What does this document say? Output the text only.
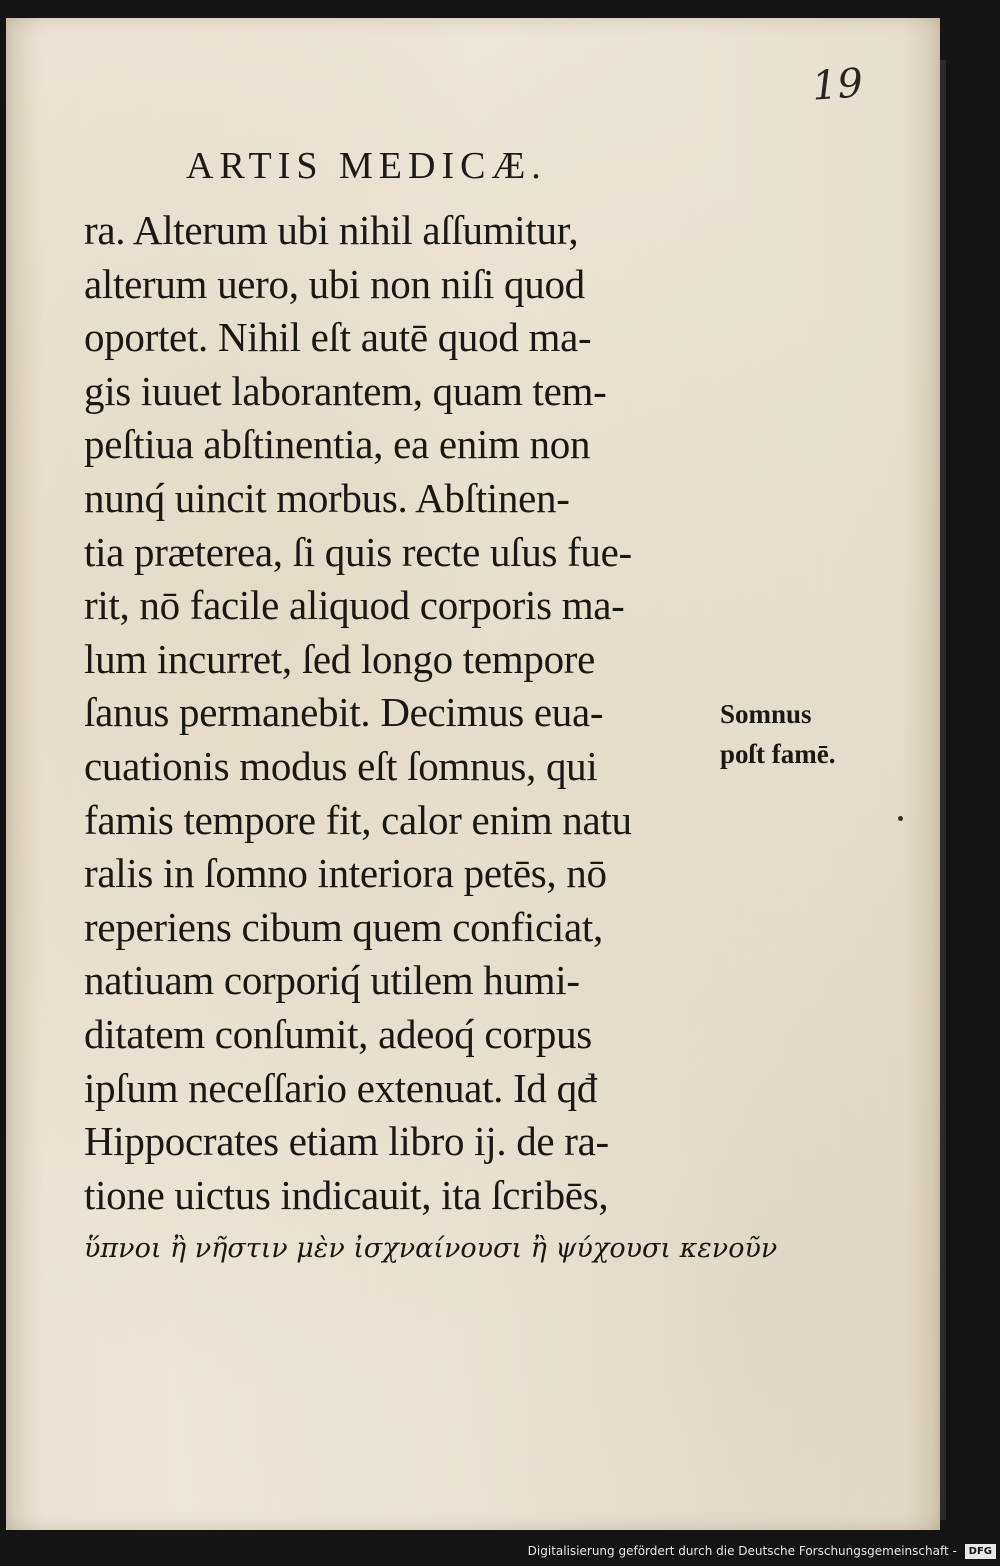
19
ARTIS MEDICÆ.
ra. Alterum ubi nihil aſſumitur,
alterum uero, ubi non niſi quod
oportet. Nihil eſt autē quod ma-
gis iuuet laborantem, quam tem-
peſtiua abſtinentia, ea enim non
nunq́ uincit morbus. Abſtinen-
tia præterea, ſi quis recte uſus fue-
rit, nō facile aliquod corporis ma-
lum incurret, ſed longo tempore
ſanus permanebit. Decimus eua-
cuationis modus eſt ſomnus, qui
famis tempore fit, calor enim natu
ralis in ſomno interiora petēs, nō
reperiens cibum quem conficiat,
natiuam corporiq́ utilem humi-
ditatem conſumit, adeoq́ corpus
ipſum neceſſario extenuat. Id qđ
Hippocrates etiam libro ij. de ra-
tione uictus indicauit, ita ſcribēs,
ὕπνοι ἢ νῆστιν μὲν ἰσχναίνουσι ἢ ψύχουσι κενοῦν
Somnus
poſt famē.
Digitalisierung gefördert durch die Deutsche Forschungsgemeinschaft - DFG
